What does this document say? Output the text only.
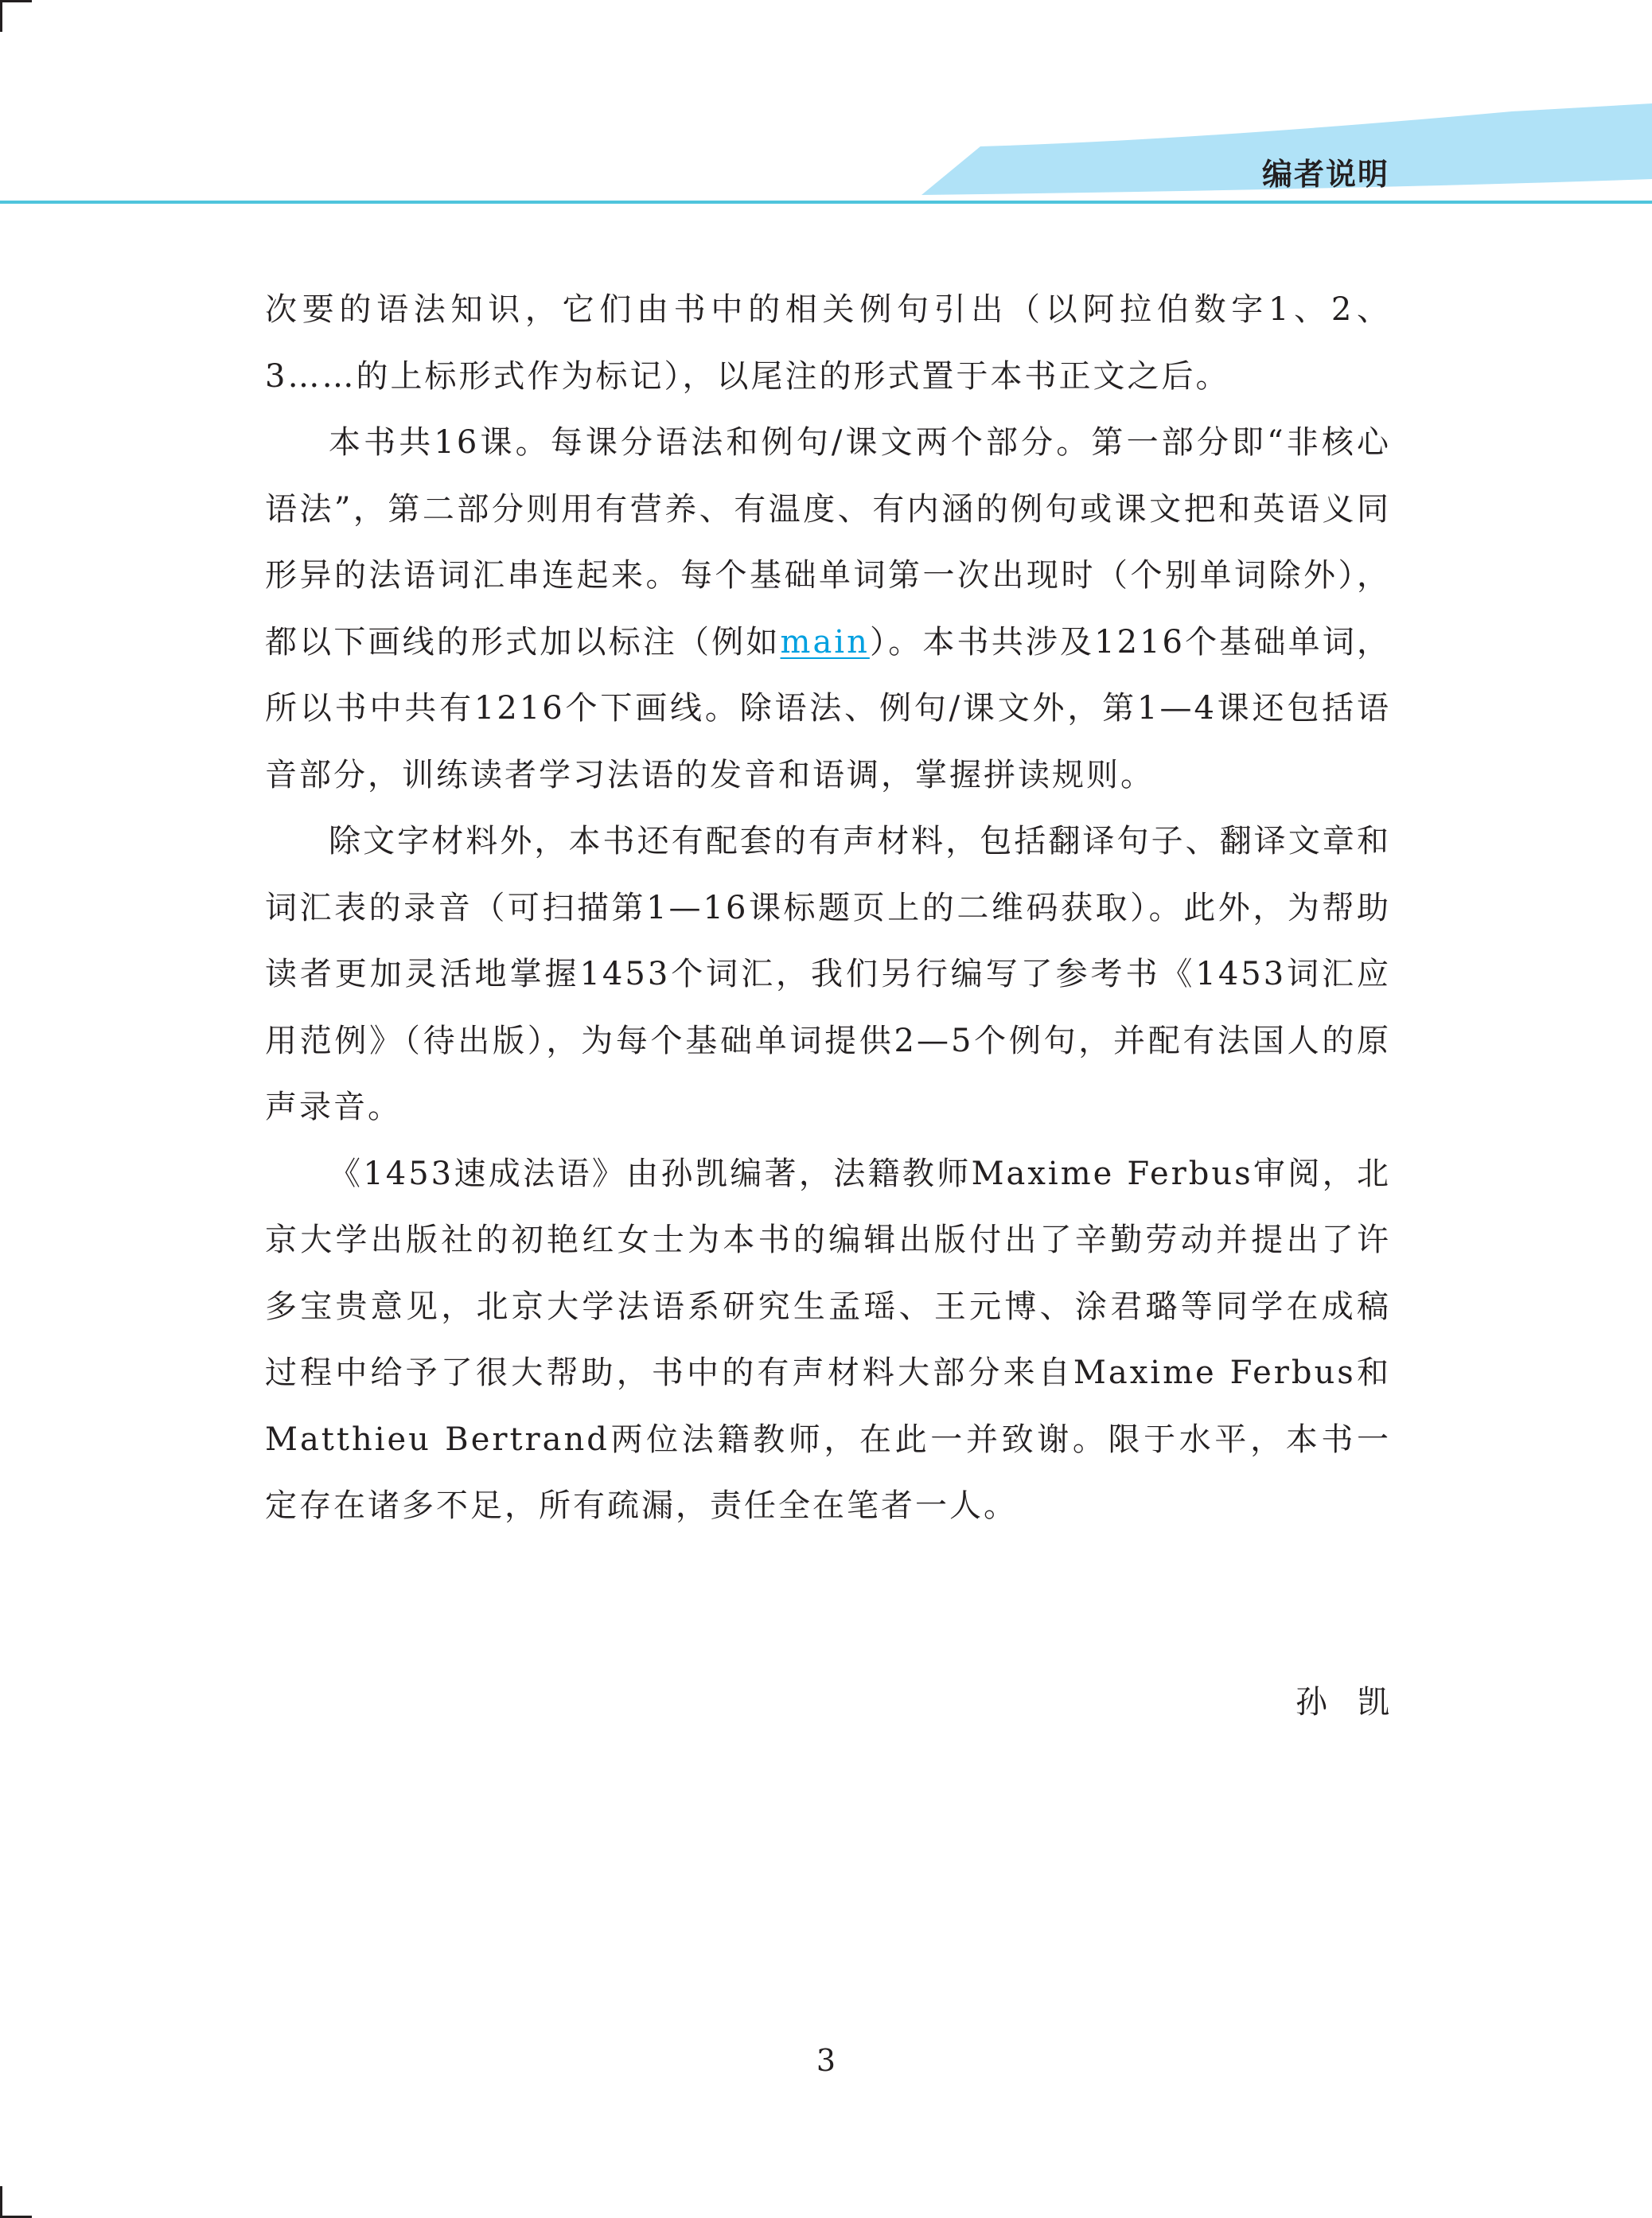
编者说明

次要的语法知识，它们由书中的相关例句引出（以阿拉伯数字1、2、3……的上标形式作为标记），以尾注的形式置于本书正文之后。

本书共16课。每课分语法和例句/课文两个部分。第一部分即“非核心语法”，第二部分则用有营养、有温度、有内涵的例句或课文把和英语义同形异的法语词汇串连起来。每个基础单词第一次出现时（个别单词除外），都以下画线的形式加以标注（例如main）。本书共涉及1216个基础单词，所以书中共有1216个下画线。除语法、例句/课文外，第1—4课还包括语音部分，训练读者学习法语的发音和语调，掌握拼读规则。

除文字材料外，本书还有配套的有声材料，包括翻译句子、翻译文章和词汇表的录音（可扫描第1—16课标题页上的二维码获取）。此外，为帮助读者更加灵活地掌握1453个词汇，我们另行编写了参考书《1453词汇应用范例》（待出版），为每个基础单词提供2—5个例句，并配有法国人的原声录音。

《1453速成法语》由孙凯编著，法籍教师Maxime Ferbus审阅，北京大学出版社的初艳红女士为本书的编辑出版付出了辛勤劳动并提出了许多宝贵意见，北京大学法语系研究生孟瑶、王元博、涂君璐等同学在成稿过程中给予了很大帮助，书中的有声材料大部分来自Maxime Ferbus和Matthieu Bertrand两位法籍教师，在此一并致谢。限于水平，本书一定存在诸多不足，所有疏漏，责任全在笔者一人。

孙凯
3
